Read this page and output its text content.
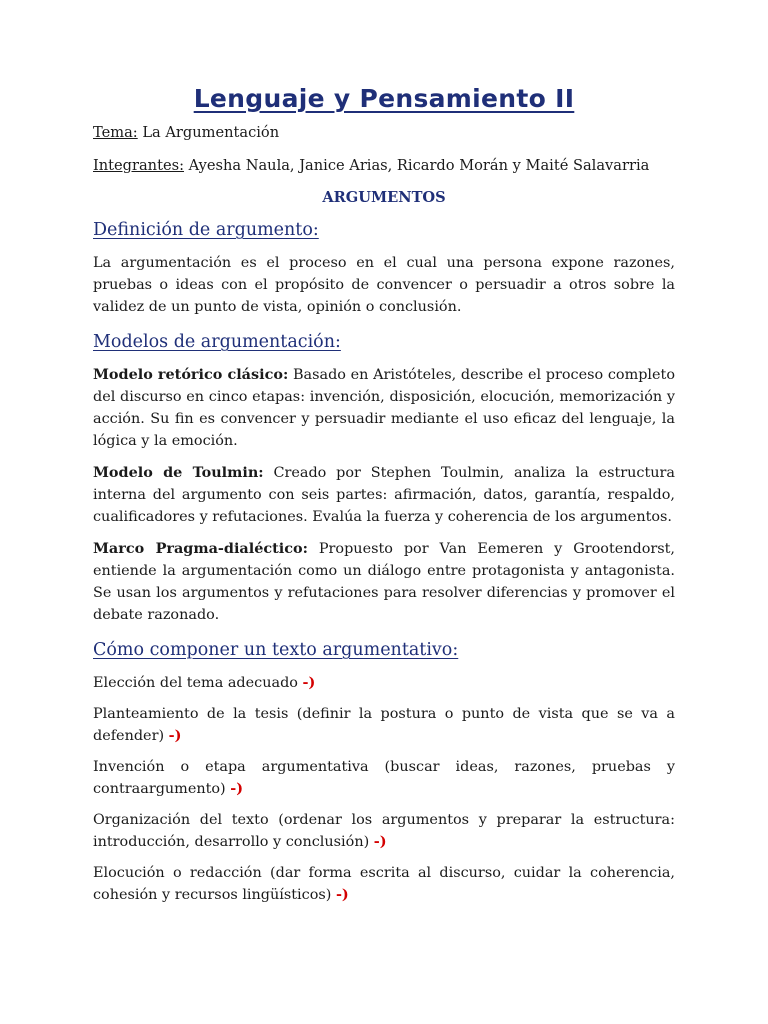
Lenguaje y Pensamiento II

Tema: La Argumentación

Integrantes: Ayesha Naula, Janice Arias, Ricardo Morán y Maité Salavarria

ARGUMENTOS
Definición de argumento:

La argumentación es el proceso en el cual una persona expone razones, pruebas o ideas con el propósito de convencer o persuadir a otros sobre la validez de un punto de vista, opinión o conclusión.

Modelos de argumentación:

Modelo retórico clásico: Basado en Aristóteles, describe el proceso completo del discurso en cinco etapas: invención, disposición, elocución, memorización y acción. Su fin es convencer y persuadir mediante el uso eficaz del lenguaje, la lógica y la emoción.

Modelo de Toulmin: Creado por Stephen Toulmin, analiza la estructura interna del argumento con seis partes: afirmación, datos, garantía, respaldo, cualificadores y refutaciones. Evalúa la fuerza y coherencia de los argumentos.

Marco Pragma-dialéctico: Propuesto por Van Eemeren y Grootendorst, entiende la argumentación como un diálogo entre protagonista y antagonista. Se usan los argumentos y refutaciones para resolver diferencias y promover el debate razonado.

Cómo componer un texto argumentativo:

Elección del tema adecuado -)

Planteamiento de la tesis (definir la postura o punto de vista que se va a defender) -)

Invención o etapa argumentativa (buscar ideas, razones, pruebas y contraargumento) -)

Organización del texto (ordenar los argumentos y preparar la estructura: introducción, desarrollo y conclusión) -)

Elocución o redacción (dar forma escrita al discurso, cuidar la coherencia, cohesión y recursos lingüísticos) -)
